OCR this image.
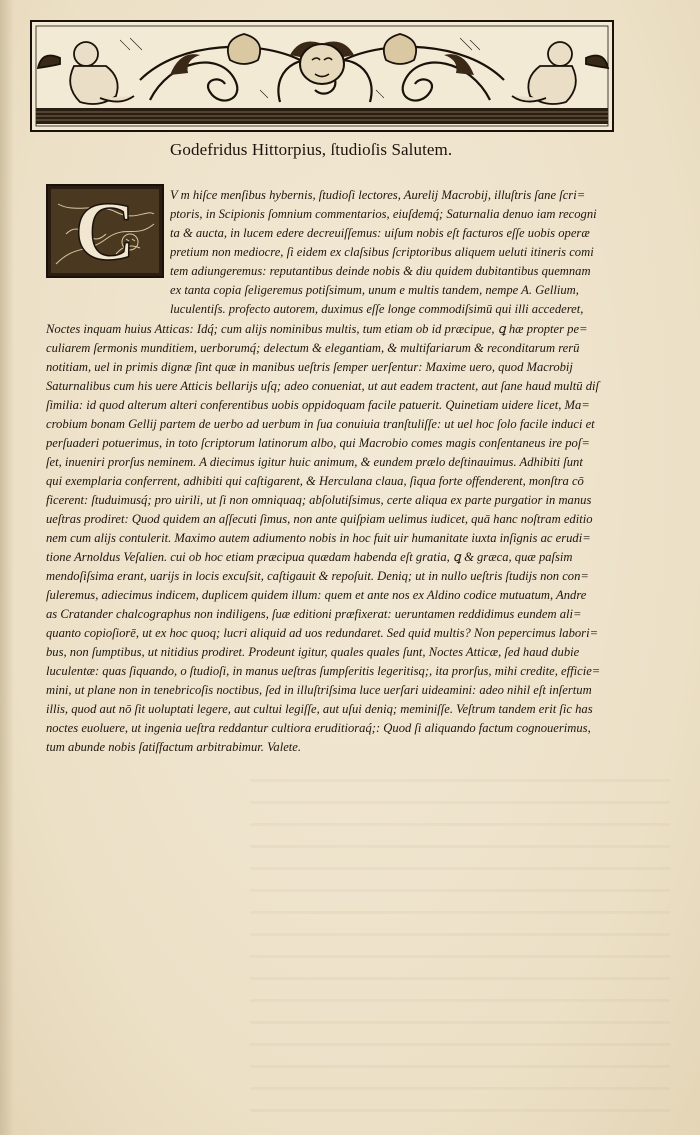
Godefridus Hittorpius, ſtudioſis Salutem.
C	V m hiſce menſibus hybernis, ſtudioſi lectores, Aurelij Macrobij, illuſtris ſane ſcri=
ptoris, in Scipionis ſomnium commentarios, eiuſdemq́; Saturnalia denuo iam recogni
ta & aucta, in lucem edere decreuiſſemus: uiſum nobis eſt facturos eſſe uobis operæ
pretium non mediocre, ſi eidem ex claſsibus ſcriptoribus aliquem ueluti itineris comi
tem adiungeremus: reputantibus deinde nobis & diu quidem dubitantibus quemnam
ex tanta copia ſeligeremus potiſsimum, unum e multis tandem, nempe A. Gellium,
luculentiſs. profecto autorem, duximus eſſe longe commodiſsimū qui illi accederet,
Noctes inquam huius Atticas: Idq́; cum alijs nominibus multis, tum etiam ob id præcipue, ꝗ hæ propter pe=
culiarem ſermonis munditiem, uerborumq́; delectum & elegantiam, & multifariarum & reconditarum rerū
notitiam, uel in primis dignæ ſint quæ in manibus ueſtris ſemper uerſentur: Maxime uero, quod Macrobij
Saturnalibus cum his uere Atticis bellarijs uſq; adeo conueniat, ut aut eadem tractent, aut ſane haud multū diſ
ſimilia: id quod alterum alteri conferentibus uobis oppidoquam facile patuerit. Quinetiam uidere licet, Ma=
crobium bonam Gellij partem de uerbo ad uerbum in ſua conuiuia tranſtuliſſe: ut uel hoc ſolo facile induci et
perſuaderi potuerimus, in toto ſcriptorum latinorum albo, qui Macrobio comes magis conſentaneus ire poſ=
ſet, inueniri prorſus neminem. A diecimus igitur huic animum, & eundem prælo deſtinauimus. Adhibiti ſunt
qui exemplaria conferrent, adhibiti qui caſtigarent, & Herculana claua, ſiqua forte offenderent, monſtra cō
ficerent: ſtuduimusq́; pro uirili, ut ſi non omniquaq; abſolutiſsimus, certe aliqua ex parte purgatior in manus
ueſtras prodiret: Quod quidem an aſſecuti ſimus, non ante quiſpiam uelimus iudicet, quā hanc noſtram editio
nem cum alijs contulerit. Maximo autem adiumento nobis in hoc fuit uir humanitate iuxta inſignis ac erudi=
tione Arnoldus Veſalien. cui ob hoc etiam præcipua quædam habenda eſt gratia, ꝗ & græca, quæ paſsim
mendoſiſsima erant, uarijs in locis excuſsit, caſtigauit & repoſuit. Deniq; ut in nullo ueſtris ſtudijs non con=
ſuleremus, adiecimus indicem, duplicem quidem illum: quem et ante nos ex Aldino codice mutuatum, Andre
as Cratander chalcographus non indiligens, ſuæ editioni præfixerat: ueruntamen reddidimus eundem ali=
quanto copioſiorē, ut ex hoc quoq; lucri aliquid ad uos redundaret. Sed quid multis? Non pepercimus labori=
bus, non ſumptibus, ut nitidius prodiret. Prodeunt igitur, quales quales ſunt, Noctes Atticæ, ſed haud dubie
luculentæ: quas ſiquando, o ſtudioſi, in manus ueſtras ſumpſeritis legeritisq;, ita prorſus, mihi credite, efficie=
mini, ut plane non in tenebricoſis noctibus, ſed in illuſtriſsima luce uerſari uideamini: adeo nihil eſt inſertum
illis, quod aut nō ſit uoluptati legere, aut cultui legiſſe, aut uſui deniq; meminiſſe. Veſtrum tandem erit ſic has
noctes euoluere, ut ingenia ueſtra reddantur cultiora eruditioraq́;: Quod ſi aliquando factum cognouerimus,
tum abunde nobis ſatiſfactum arbitrabimur. Valete.
